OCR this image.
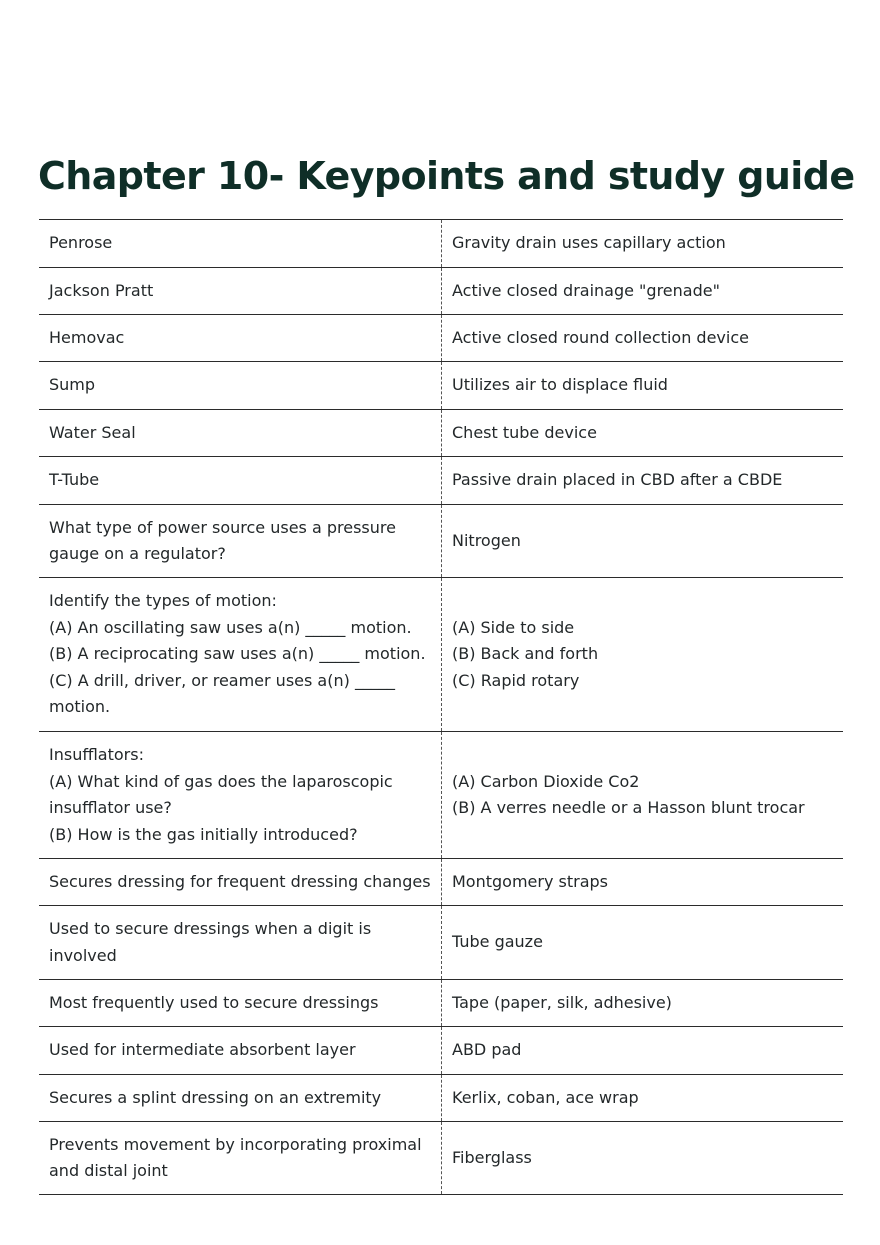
Chapter 10- Keypoints and study guide
Penrose	Gravity drain uses capillary action

Jackson Pratt	Active closed drainage "grenade"

Hemovac	Active closed round collection device

Sump	Utilizes air to displace fluid

Water Seal	Chest tube device

T-Tube	Passive drain placed in CBD after a CBDE

What type of power source uses a pressure
gauge on a regulator?	Nitrogen

Identify the types of motion:
(A) An oscillating saw uses a(n) _____ motion.
(B) A reciprocating saw uses a(n) _____ motion.
(C) A drill, driver, or reamer uses a(n) _____
motion.	(A) Side to side
(B) Back and forth
(C) Rapid rotary

Insufflators:
(A) What kind of gas does the laparoscopic
insufflator use?
(B) How is the gas initially introduced?	(A) Carbon Dioxide Co2
(B) A verres needle or a Hasson blunt trocar

Secures dressing for frequent dressing changes	Montgomery straps

Used to secure dressings when a digit is
involved	Tube gauze

Most frequently used to secure dressings	Tape (paper, silk, adhesive)

Used for intermediate absorbent layer	ABD pad

Secures a splint dressing on an extremity	Kerlix, coban, ace wrap

Prevents movement by incorporating proximal
and distal joint	Fiberglass
